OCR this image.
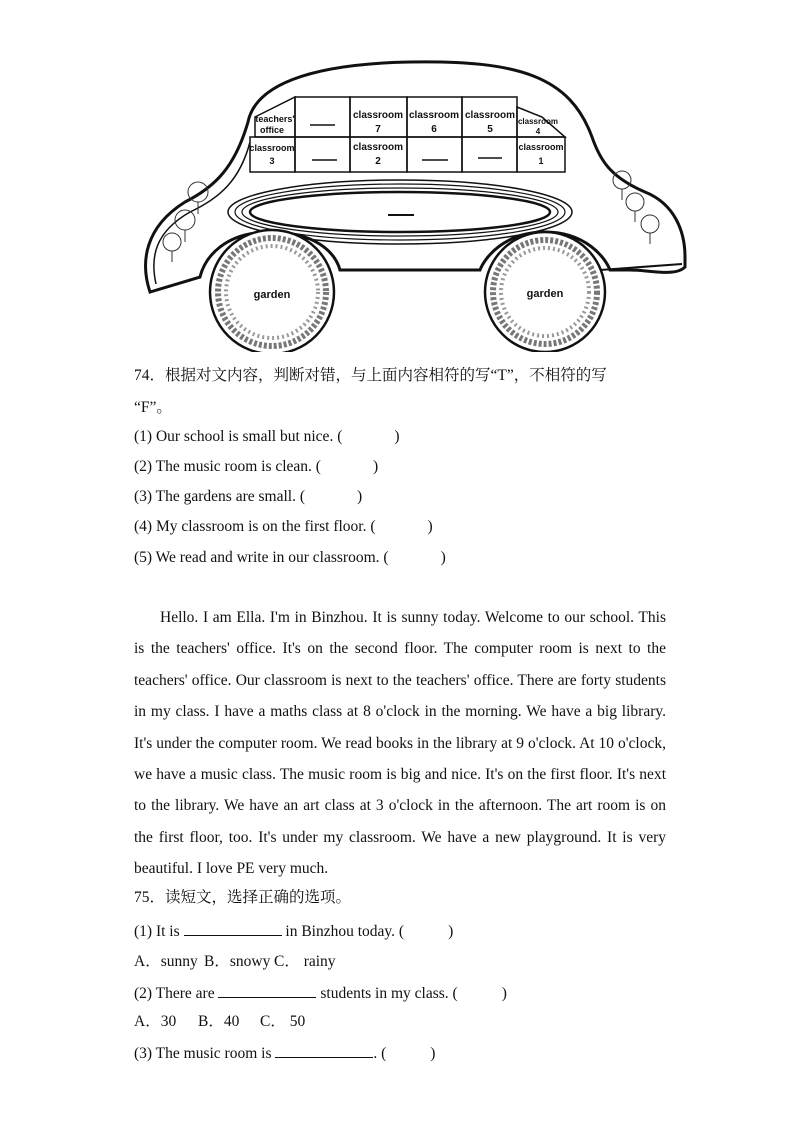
teachers'
office
classroom
7
classroom
6
classroom
5
classroom
4
classroom
3
classroom
2
classroom
1
garden	garden
74．根据对文内容，判断对错，与上面内容相符的写“T”，不相符的写
“F”。
(1) Our school is small but nice. (	)
(2) The music room is clean. (	)
(3) The gardens are small. (	)
(4) My classroom is on the first floor. (	)
(5) We read and write in our classroom. (	)
Hello. I am Ella. I'm in Binzhou. It is sunny today. Welcome to our school. This is the teachers' office. It's on the second floor. The computer room is next to the teachers' office. Our classroom is next to the teachers' office. There are forty students in my class. I have a maths class at 8 o'clock in the morning. We have a big library. It's under the computer room. We read books in the library at 9 o'clock. At 10 o'clock, we have a music class. The music room is big and nice. It's on the first floor. It's next to the library. We have an art class at 3 o'clock in the afternoon. The art room is on the first floor, too. It's under my classroom. We have a new playground. It is very beautiful. I love PE very much.
75．读短文，选择正确的选项。
(1) It is	in Binzhou today. (	)
A．sunny B．snowy C． rainy
(2) There are	students in my class. (	)
A．30 B．40 C． 50
(3) The music room is	. (	)
